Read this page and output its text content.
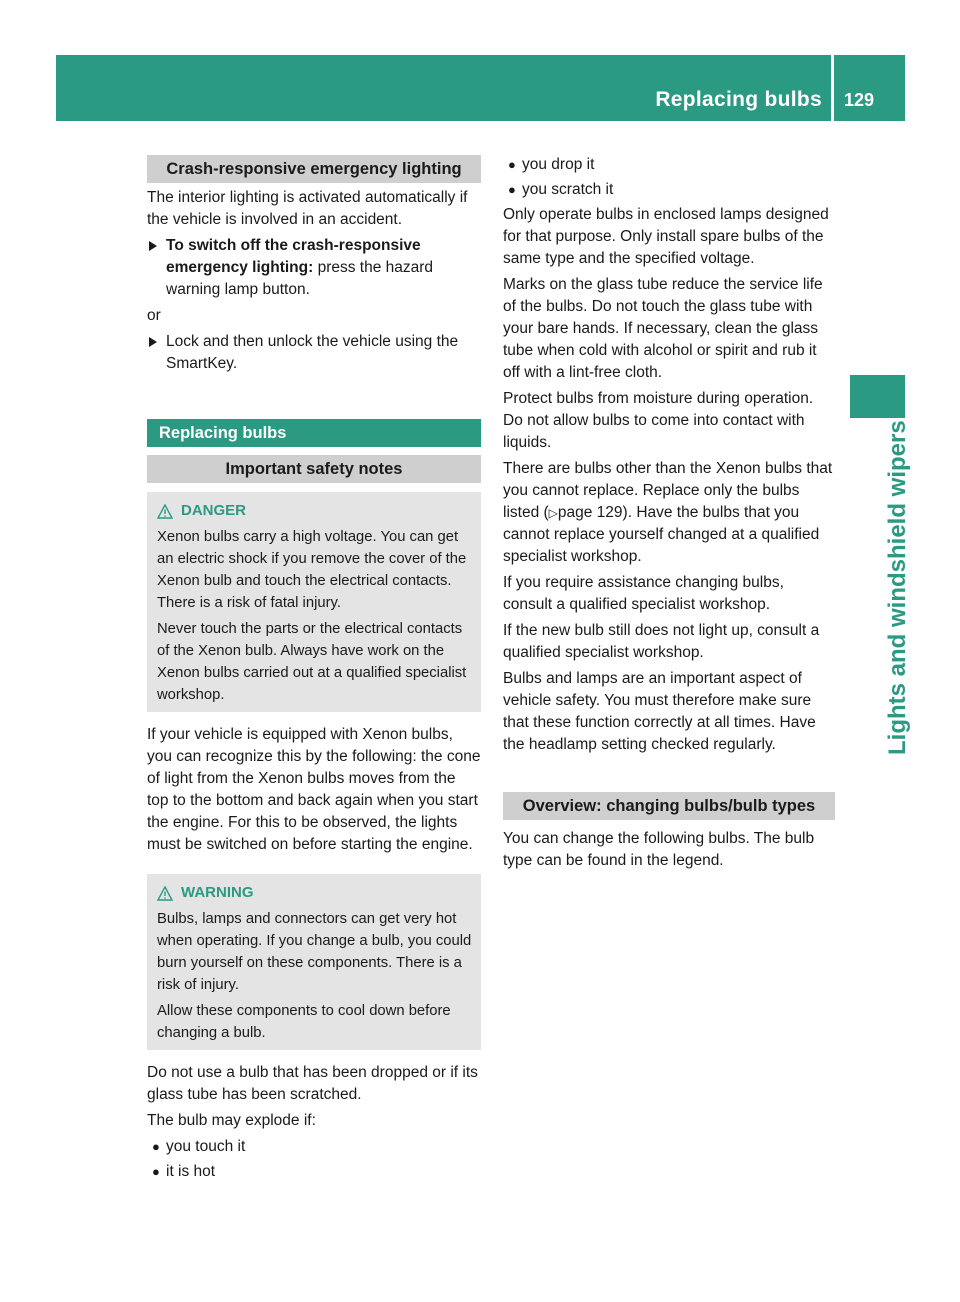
Replacing bulbs 129
Lights and windshield wipers
Crash-responsive emergency lighting

The interior lighting is activated automatically if the vehicle is involved in an accident.

To switch off the crash-responsive emergency lighting: press the hazard warning lamp button.

or

Lock and then unlock the vehicle using the SmartKey.
Replacing bulbs
Important safety notes
DANGER

Xenon bulbs carry a high voltage. You can get an electric shock if you remove the cover of the Xenon bulb and touch the electrical contacts. There is a risk of fatal injury.

Never touch the parts or the electrical contacts of the Xenon bulb. Always have work on the Xenon bulbs carried out at a qualified specialist workshop.

If your vehicle is equipped with Xenon bulbs, you can recognize this by the following: the cone of light from the Xenon bulbs moves from the top to the bottom and back again when you start the engine. For this to be observed, the lights must be switched on before starting the engine.

WARNING

Bulbs, lamps and connectors can get very hot when operating. If you change a bulb, you could burn yourself on these components. There is a risk of injury.

Allow these components to cool down before changing a bulb.

Do not use a bulb that has been dropped or if its glass tube has been scratched.

The bulb may explode if:

● you touch it
● it is hot
● you drop it
● you scratch it

Only operate bulbs in enclosed lamps designed for that purpose. Only install spare bulbs of the same type and the specified voltage.

Marks on the glass tube reduce the service life of the bulbs. Do not touch the glass tube with your bare hands. If necessary, clean the glass tube when cold with alcohol or spirit and rub it off with a lint-free cloth.

Protect bulbs from moisture during operation. Do not allow bulbs to come into contact with liquids.

There are bulbs other than the Xenon bulbs that you cannot replace. Replace only the bulbs listed (▷page 129). Have the bulbs that you cannot replace yourself changed at a qualified specialist workshop.

If you require assistance changing bulbs, consult a qualified specialist workshop.

If the new bulb still does not light up, consult a qualified specialist workshop.

Bulbs and lamps are an important aspect of vehicle safety. You must therefore make sure that these function correctly at all times. Have the headlamp setting checked regularly.

Overview: changing bulbs/bulb types

You can change the following bulbs. The bulb type can be found in the legend.
